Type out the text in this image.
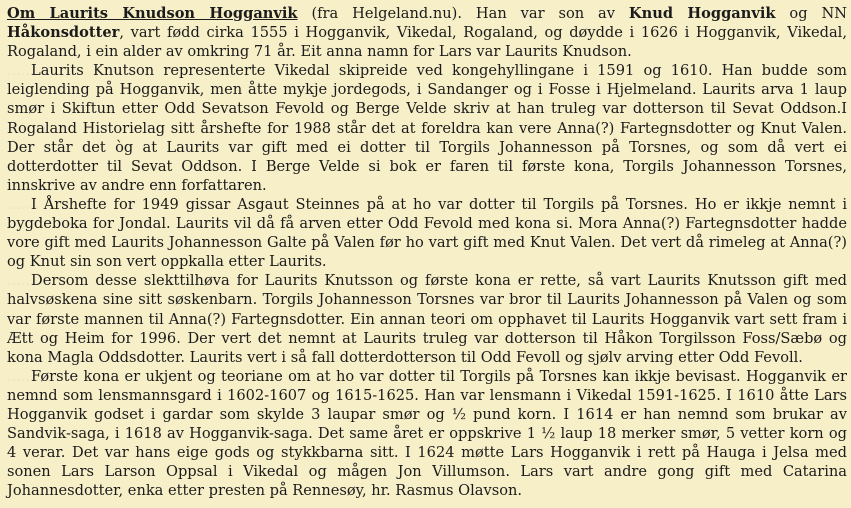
Om Laurits Knudson Hogganvik (fra Helgeland.nu). Han var son av Knud Hogganvik og NN Håkonsdotter, vart fødd cirka 1555 i Hogganvik, Vikedal, Rogaland, og døydde i 1626 i Hogganvik, Vikedal, Rogaland, i ein alder av omkring 71 år. Eit anna namn for Lars var Laurits Knudson.

.......Laurits Knutson representerte Vikedal skipreide ved kongehyllingane i 1591 og 1610. Han budde som leiglending på Hogganvik, men åtte mykje jordegods, i Sandanger og i Fosse i Hjelmeland. Laurits arva 1 laup smør i Skiftun etter Odd Sevatson Fevold og Berge Velde skriv at han truleg var dotterson til Sevat Oddson.I Rogaland Historielag sitt årshefte for 1988 står det at foreldra kan vere Anna(?) Fartegnsdotter og Knut Valen. Der står det òg at Laurits var gift med ei dotter til Torgils Johannesson på Torsnes, og som då vert ei dotterdotter til Sevat Oddson. I Berge Velde si bok er faren til første kona, Torgils Johannesson Torsnes, innskrive av andre enn forfattaren.

.......I Årshefte for 1949 gissar Asgaut Steinnes på at ho var dotter til Torgils på Torsnes. Ho er ikkje nemnt i bygdeboka for Jondal. Laurits vil då få arven etter Odd Fevold med kona si. Mora Anna(?) Fartegnsdotter hadde vore gift med Laurits Johannesson Galte på Valen før ho vart gift med Knut Valen. Det vert då rimeleg at Anna(?) og Knut sin son vert oppkalla etter Laurits.

.......Dersom desse slekttilhøva for Laurits Knutsson og første kona er rette, så vart Laurits Knutsson gift med halvsøskena sine sitt søskenbarn. Torgils Johannesson Torsnes var bror til Laurits Johannesson på Valen og som var første mannen til Anna(?) Fartegnsdotter. Ein annan teori om opphavet til Laurits Hogganvik vart sett fram i Ætt og Heim for 1996. Der vert det nemnt at Laurits truleg var dotterson til Håkon Torgilsson Foss/Sæbø og kona Magla Oddsdotter. Laurits vert i så fall dotterdotterson til Odd Fevoll og sjølv arving etter Odd Fevoll.

.......Første kona er ukjent og teoriane om at ho var dotter til Torgils på Torsnes kan ikkje bevisast. Hogganvik er nemnd som lensmannsgard i 1602-1607 og 1615-1625. Han var lensmann i Vikedal 1591-1625. I 1610 åtte Lars Hogganvik godset i gardar som skylde 3 laupar smør og ½ pund korn. I 1614 er han nemnd som brukar av Sandvik-saga, i 1618 av Hogganvik-saga. Det same året er oppskrive 1 ½ laup 18 merker smør, 5 vetter korn og 4 verar. Det var hans eige gods og stykkbarna sitt. I 1624 møtte Lars Hogganvik i rett på Hauga i Jelsa med sonen Lars Larson Oppsal i Vikedal og mågen Jon Villumson. Lars vart andre gong gift med Catarina Johannesdotter, enka etter presten på Rennesøy, hr. Rasmus Olavson.
